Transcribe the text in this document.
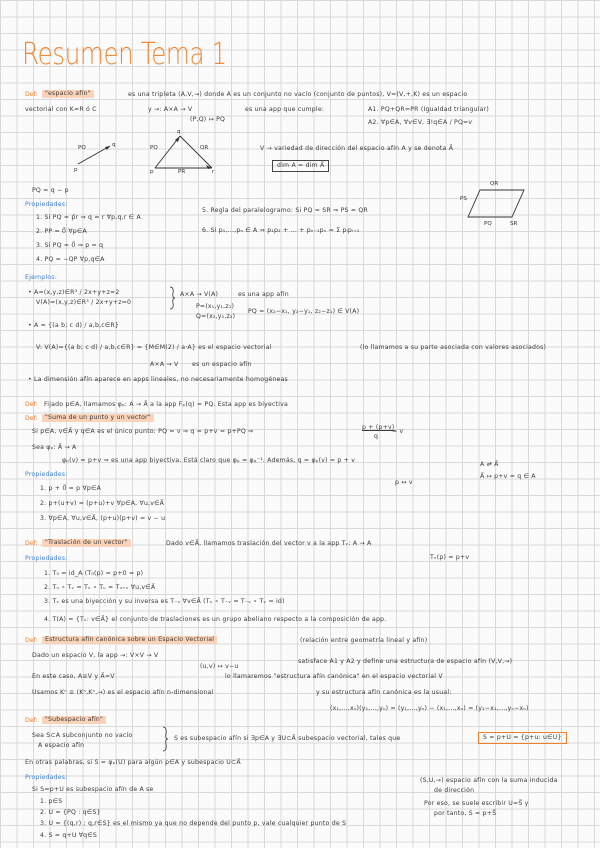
Resumen Tema 1
Def:	"espacio afín"	es una tripleta (A,V,→) donde A es un conjunto no vacío (conjunto de puntos), V=(V,+,K) es un espacio
vectorial con K=R ó C	y →: A×A → V	es una app que cumple:
(P,Q) ↦ PQ
A1. PQ+QR=PR (Igualdad triangular)
A2. ∀p∈A, ∀v∈V, ∃!q∈A / PQ=v
p
q
PQ
p
q
r
PQ	QR
PR
V ⇢ variedad de dirección del espacio afín A y se denota A⃗
dim A = dim A⃗
PQ = q − p
Propiedades:
1. Si PQ = p⃗r ⇒ q = r ∀p,q,r ∈ A
2. PP = 0⃗ ∀p∈A
3. Si PQ = 0⃗ ⇒ p = q
4. PQ = −QP ∀p,q∈A
5. Regla del paralelogramo: Si PQ = SR ⇒ PS = QR
6. Si p₁,...,pₙ ∈ A ⇒ p₁p₂ + ... + pₙ₋₁pₙ = Σ pᵢpᵢ₊₁
QR
PS
PQ	SR
Ejemplos:
• A=(x,y,z)∈R³ / 2x+y+z=2
V(A)=(x,y,z)∈R³ / 2x+y+z=0
A×A → V(A)	es una app afín
P=(x₁,y₁,z₁)
Q=(x₂,y₂,z₂)
PQ = (x₂−x₁, y₂−y₁, z₂−z₁) ∈ V(A)
• A = {(a b; c d) / a,b,c∈R}
V: V(A)={(a b; c d) / a,b,c∈R} = {M∈M(2) / a·A} es el espacio vectorial	(lo llamamos a su parte asociada con valores asociados)
A×A → V es un espacio afín
• La dimensión afín aparece en apps lineales, no necesariamente homogéneas
Def: Fijado p∈A, llamamos φₚ: A → A⃗ a la app Fₚ(q) = PQ. Esta app es biyectiva
Def:	"Suma de un punto y un vector"
Si p∈A, v∈A⃗ y q∈A es el único punto: PQ = v ⇒ q = p+v = p+PQ ⇒
p + (p+v)
q
= v
Sea φₚ: A⃗ → A
φₚ(v) = p+v ⇒ es una app biyectiva. Está claro que φₚ = φₚ⁻¹. Además, q = φₚ(v) = p + v
A ⇄ A⃗
A⃗ ↦ p+v = q ∈ A
p ↔ v
Propiedades:
1. p + 0⃗ = p ∀p∈A
2. p+(u+v) = (p+u)+v ∀p∈A, ∀u,v∈A⃗
3. ∀p∈A, ∀u,v∈A⃗, (p+u)(p+v) = v − u
Def:	"Traslación de un vector"	Dado v∈A⃗, llamamos traslación del vector v a la app Tᵥ: A → A
Tᵥ(p) = p+v
Propiedades:
1. T₀ = id_A (T₀(p) = p+0 = p)
2. Tᵤ ∘ Tᵥ = Tᵥ ∘ Tᵤ = Tᵤ₊ᵥ ∀u,v∈A⃗
3. Tᵥ es una biyección y su inversa es T₋ᵥ ∀v∈A⃗ (Tᵥ ∘ T₋ᵥ = T₋ᵥ ∘ Tᵥ = id)
4. T(A) = {Tᵥ: v∈A⃗} el conjunto de traslaciones es un grupo abeliano respecto a la composición de app.
Def:	Estructura afín canónica sobre un Espacio Vectorial	(relación entre geometría lineal y afín)
Dado un espacio V, la app →: V×V → V
(u,v) ↦ v−u
satisface A1 y A2 y define una estructura de espacio afín (V,V,→)
En este caso, A≡V y A⃗=V	lo llamaremos "estructura afín canónica" en el espacio vectorial V
Usamos Kⁿ ≡ (Kⁿ,Kⁿ,→) es el espacio afín n-dimensional	y su estructura afín canónica es la usual:
(x₁,...,xₙ)(y₁,...,yₙ) = (y₁,...,yₙ) − (x₁,...,xₙ) = (y₁−x₁,...,yₙ−xₙ)
Def:	"Subespacio afín"
Sea S⊂A subconjunto no vacío
A espacio afín
S es subespacio afín si ∃p∈A y ∃U⊂A⃗ subespacio vectorial, tales que	S = p+U = {p+u: u∈U}
En otras palabras, si S = φₚ(U) para algún p∈A y subespacio U⊂A⃗
Propiedades:
Si S=p+U es subespacio afín de A se
1. p∈S
2. U = {PQ : q∈S}
3. U = {(q,r) : q,r∈S} es el mismo ya que no depende del punto p, vale cualquier punto de S
4. S = q+U ∀q∈S
(S,U,→) espacio afín con la suma inducida
de dirección
Por eso, se suele escribir U=S⃗ y
por tanto, S = p+S⃗
